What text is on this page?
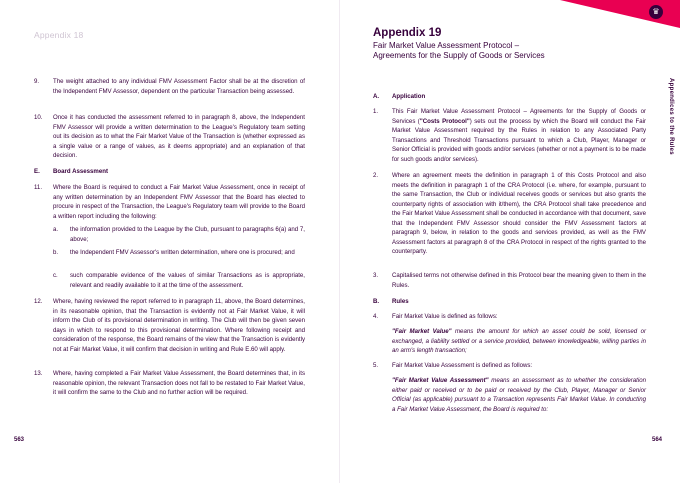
Appendix 18	Appendix 19
Fair Market Value Assessment Protocol –
Agreements for the Supply of Goods or Services
♛
Appendices to the Rules
9. The weight attached to any individual FMV Assessment Factor shall be at the discretion of the Independent FMV Assessor, dependent on the particular Transaction being assessed.
10. Once it has conducted the assessment referred to in paragraph 8, above, the Independent FMV Assessor will provide a written determination to the League's Regulatory team setting out its decision as to what the Fair Market Value of the Transaction is (whether expressed as a single value or a range of values, as it deems appropriate) and an explanation of that decision.
E. Board Assessment
11. Where the Board is required to conduct a Fair Market Value Assessment, once in receipt of any written determination by an Independent FMV Assessor that the Board has elected to procure in respect of the Transaction, the League's Regulatory team will provide to the Board a written report including the following:
a. the information provided to the League by the Club, pursuant to paragraphs 6(a) and 7, above;
b. the Independent FMV Assessor's written determination, where one is procured; and
c. such comparable evidence of the values of similar Transactions as is appropriate, relevant and readily available to it at the time of the assessment.
12. Where, having reviewed the report referred to in paragraph 11, above, the Board determines, in its reasonable opinion, that the Transaction is evidently not at Fair Market Value, it will inform the Club of its provisional determination in writing. The Club will then be given seven days in which to respond to this provisional determination. Where following receipt and consideration of the response, the Board remains of the view that the Transaction is evidently not at Fair Market Value, it will confirm that decision in writing and Rule E.60 will apply.
13. Where, having completed a Fair Market Value Assessment, the Board determines that, in its reasonable opinion, the relevant Transaction does not fall to be restated to Fair Market Value, it will confirm the same to the Club and no further action will be required.
563
A. Application
1. This Fair Market Value Assessment Protocol – Agreements for the Supply of Goods or Services ("Costs Protocol") sets out the process by which the Board will conduct the Fair Market Value Assessment required by the Rules in relation to any Associated Party Transactions and Threshold Transactions pursuant to which a Club, Player, Manager or Senior Official is provided with goods and/or services (whether or not a payment is to be made for such goods and/or services).
2. Where an agreement meets the definition in paragraph 1 of this Costs Protocol and also meets the definition in paragraph 1 of the CRA Protocol (i.e. where, for example, pursuant to the same Transaction, the Club or individual receives goods or services but also grants the counterparty rights of association with it/them), the CRA Protocol shall take precedence and the Fair Market Value Assessment shall be conducted in accordance with that document, save that the Independent FMV Assessor should consider the FMV Assessment factors at paragraph 9, below, in relation to the goods and services provided, as well as the FMV Assessment factors at paragraph 8 of the CRA Protocol in respect of the rights granted to the counterparty.
3. Capitalised terms not otherwise defined in this Protocol bear the meaning given to them in the Rules.
B. Rules
4. Fair Market Value is defined as follows:
"Fair Market Value" means the amount for which an asset could be sold, licensed or exchanged, a liability settled or a service provided, between knowledgeable, willing parties in an arm's length transaction;
5. Fair Market Value Assessment is defined as follows:
"Fair Market Value Assessment" means an assessment as to whether the consideration either paid or received or to be paid or received by the Club, Player, Manager or Senior Official (as applicable) pursuant to a Transaction represents Fair Market Value. In conducting a Fair Market Value Assessment, the Board is required to:
564
